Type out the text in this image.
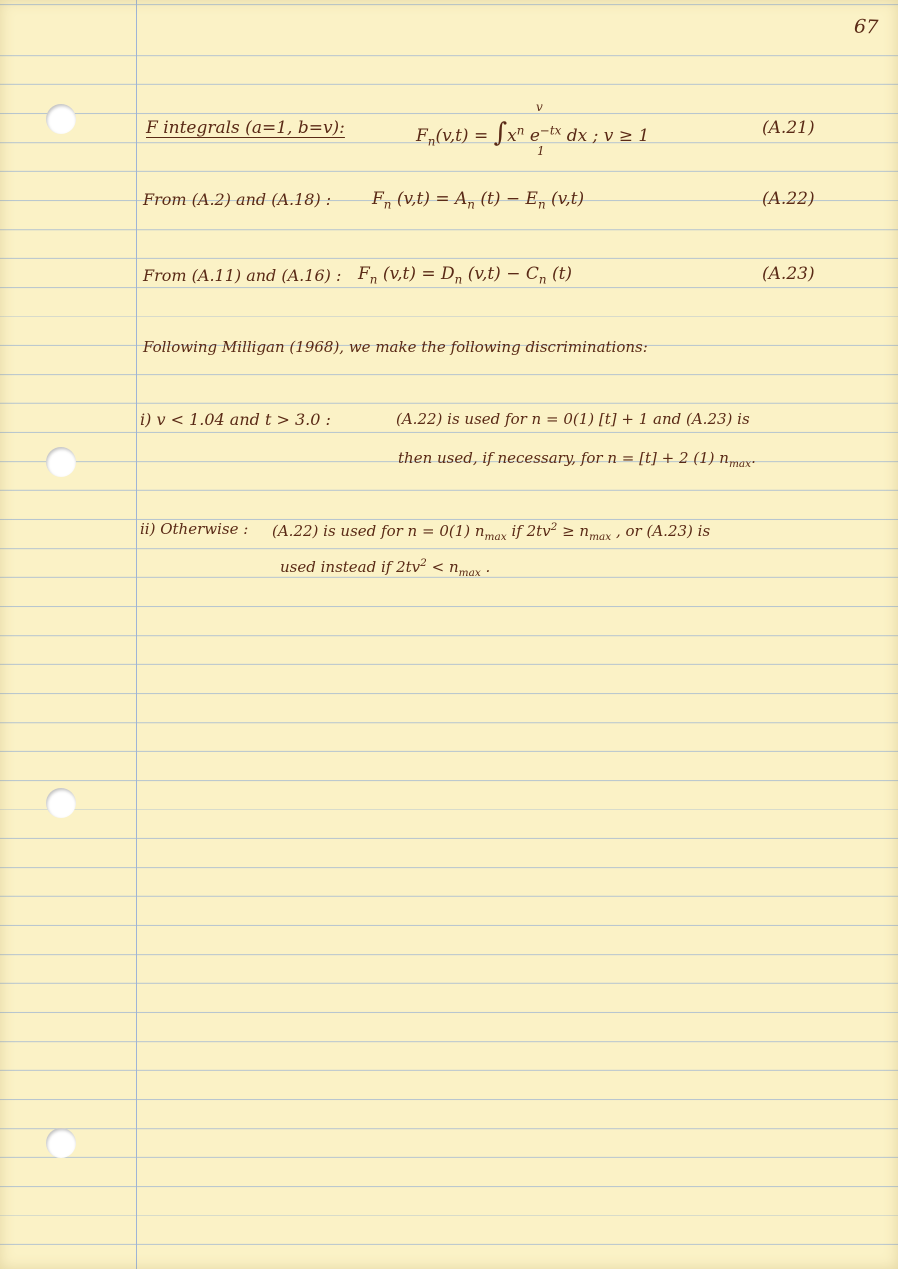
67
F integrals (a=1, b=v):	$F_n(v,t) = \int x^n$ $e^{-tx}$ dx ; v ≥ 1
v
1
(A.21)
From (A.2) and (A.18) : $F_n$ $(v,t) = A_n$ $(t) - E_n$ (v,t)	(A.22)
From (A.11) and (A.16) : $F_n$ $(v,t) = D_n$ $(v,t) - C_n$ (t)	(A.23)
Following Milligan (1968), we make the following discriminations:
i) v < 1.04 and t > 3.0 :	(A.22) is used for n = 0(1) [t] + 1 and (A.23) is
then used, if necessary, for n = [t] + 2 (1) $n_{max}$.
ii) Otherwise : (A.22) is used for n = 0(1) $n_{max}$ if $2tv^2 \ge n_{max}$ , or (A.23) is
used instead if $2tv^2 < n_{max}$ .
